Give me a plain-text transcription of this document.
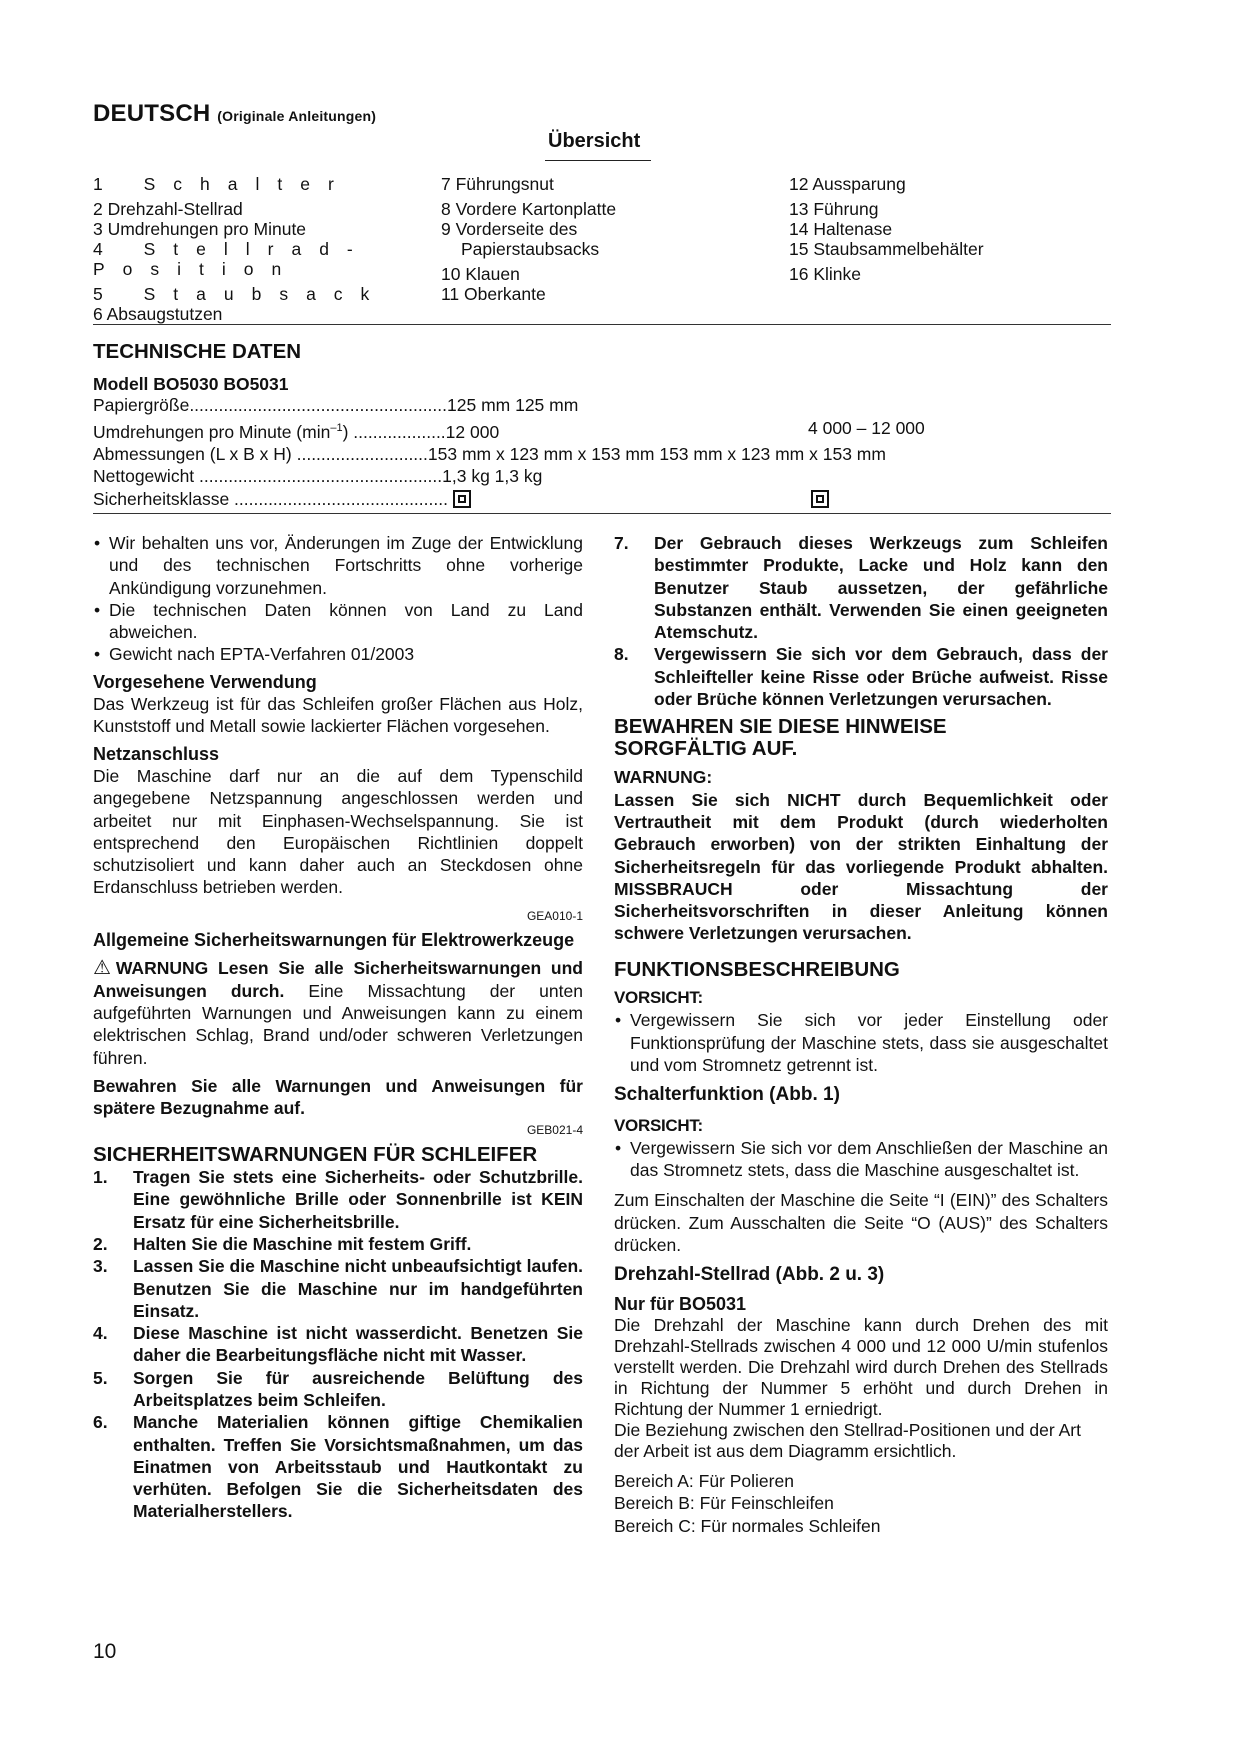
DEUTSCH (Originale Anleitungen)
Übersicht
1 Schalter
2 Drehzahl-Stellrad
3 Umdrehungen pro Minute
4 Stellrad-Position
5 Staubsack
6 Absaugstutzen
7 Führungsnut
8 Vordere Kartonplatte
9 Vorderseite des
Papierstaubsacks
10 Klauen
11 Oberkante
12 Aussparung
13 Führung
14 Haltenase
15 Staubsammelbehälter
16 Klinke
TECHNISCHE DATEN
Modell BO5030 BO5031
Papiergröße.....................................................125 mm 125 mm
Umdrehungen pro Minute $(\min^{-1})$ ...................12 000	4 000 – 12 000
Abmessungen (L x B x H) ...........................153 mm x 123 mm x 153 mm 153 mm x 123 mm x 153 mm
Nettogewicht ..................................................1,3 kg 1,3 kg
Sicherheitsklasse ............................................

• Wir behalten uns vor, Änderungen im Zuge der Entwicklung und des technischen Fortschritts ohne vorherige Ankündigung vorzunehmen.

• Die technischen Daten können von Land zu Land abweichen.

• Gewicht nach EPTA-Verfahren 01/2003

Vorgesehene Verwendung

Das Werkzeug ist für das Schleifen großer Flächen aus Holz, Kunststoff und Metall sowie lackierter Flächen vorgesehen.

Netzanschluss

Die Maschine darf nur an die auf dem Typenschild angegebene Netzspannung angeschlossen werden und arbeitet nur mit Einphasen-Wechselspannung. Sie ist entsprechend den Europäischen Richtlinien doppelt schutzisoliert und kann daher auch an Steckdosen ohne Erdanschluss betrieben werden.

GEA010-1

Allgemeine Sicherheitswarnungen für Elektrowerkzeuge

⚠WARNUNG Lesen Sie alle Sicherheitswarnungen und Anweisungen durch. Eine Missachtung der unten aufgeführten Warnungen und Anweisungen kann zu einem elektrischen Schlag, Brand und/oder schweren Verletzungen führen.

Bewahren Sie alle Warnungen und Anweisungen für spätere Bezugnahme auf.

GEB021-4

SICHERHEITSWARNUNGEN FÜR SCHLEIFER

1. Tragen Sie stets eine Sicherheits- oder Schutzbrille. Eine gewöhnliche Brille oder Sonnenbrille ist KEIN Ersatz für eine Sicherheitsbrille.

2. Halten Sie die Maschine mit festem Griff.

3. Lassen Sie die Maschine nicht unbeaufsichtigt laufen. Benutzen Sie die Maschine nur im handgeführten Einsatz.

4. Diese Maschine ist nicht wasserdicht. Benetzen Sie daher die Bearbeitungsfläche nicht mit Wasser.

5. Sorgen Sie für ausreichende Belüftung des Arbeitsplatzes beim Schleifen.

6. Manche Materialien können giftige Chemikalien enthalten. Treffen Sie Vorsichtsmaßnahmen, um das Einatmen von Arbeitsstaub und Hautkontakt zu verhüten. Befolgen Sie die Sicherheitsdaten des Materialherstellers.

7. Der Gebrauch dieses Werkzeugs zum Schleifen bestimmter Produkte, Lacke und Holz kann den Benutzer Staub aussetzen, der gefährliche Substanzen enthält. Verwenden Sie einen geeigneten Atemschutz.

8. Vergewissern Sie sich vor dem Gebrauch, dass der Schleifteller keine Risse oder Brüche aufweist. Risse oder Brüche können Verletzungen verursachen.

BEWAHREN SIE DIESE HINWEISE SORGFÄLTIG AUF.

WARNUNG:

Lassen Sie sich NICHT durch Bequemlichkeit oder Vertrautheit mit dem Produkt (durch wiederholten Gebrauch erworben) von der strikten Einhaltung der Sicherheitsregeln für das vorliegende Produkt abhalten. MISSBRAUCH oder Missachtung der Sicherheitsvorschriften in dieser Anleitung können schwere Verletzungen verursachen.

FUNKTIONSBESCHREIBUNG

VORSICHT:

• Vergewissern Sie sich vor jeder Einstellung oder Funktionsprüfung der Maschine stets, dass sie ausgeschaltet und vom Stromnetz getrennt ist.

Schalterfunktion (Abb. 1)

VORSICHT:

• Vergewissern Sie sich vor dem Anschließen der Maschine an das Stromnetz stets, dass die Maschine ausgeschaltet ist.

Zum Einschalten der Maschine die Seite “I (EIN)” des Schalters drücken. Zum Ausschalten die Seite “O (AUS)” des Schalters drücken.

Drehzahl-Stellrad (Abb. 2 u. 3)

Nur für BO5031

Die Drehzahl der Maschine kann durch Drehen des mit Drehzahl-Stellrads zwischen 4 000 und 12 000 U/min stufenlos verstellt werden. Die Drehzahl wird durch Drehen des Stellrads in Richtung der Nummer 5 erhöht und durch Drehen in Richtung der Nummer 1 erniedrigt.

Die Beziehung zwischen den Stellrad-Positionen und der Art der Arbeit ist aus dem Diagramm ersichtlich.

Bereich A: Für Polieren

Bereich B: Für Feinschleifen

Bereich C: Für normales Schleifen

10
